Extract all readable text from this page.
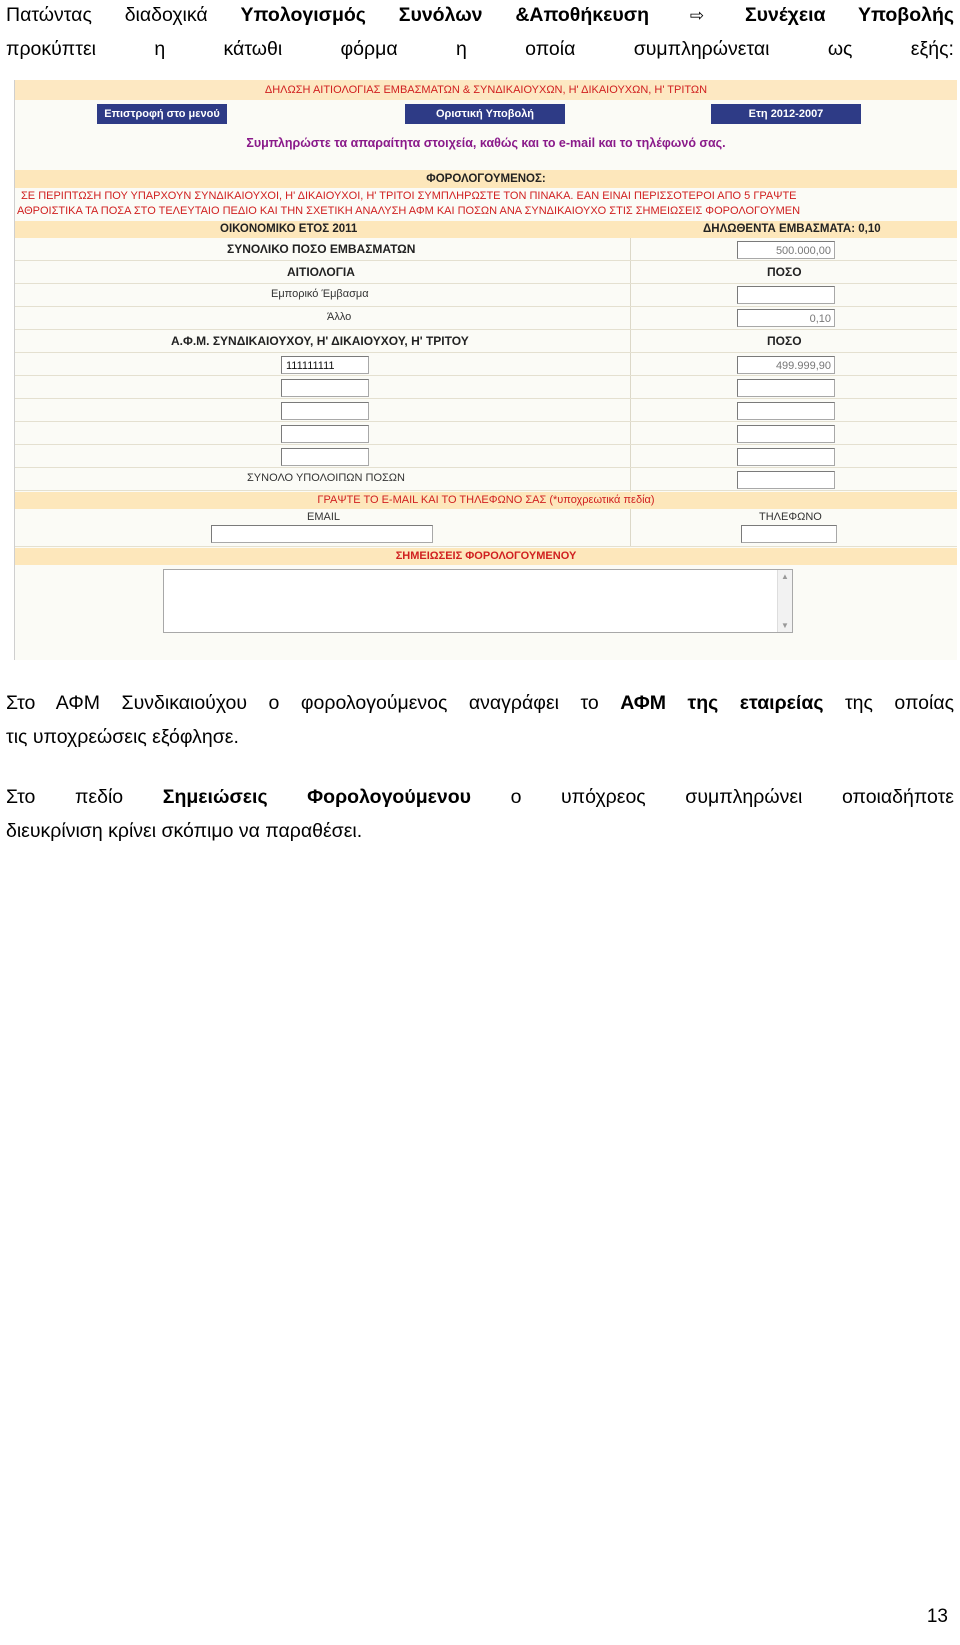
Πατώντας διαδοχικά Υπολογισμός Συνόλων &Αποθήκευση ⇨ Συνέχεια Υποβολής
προκύπτει	η	κάτωθι	φόρμα	η	οποία	συμπληρώνεται	ως	εξής:
ΔΗΛΩΣΗ ΑΙΤΙΟΛΟΓΙΑΣ ΕΜΒΑΣΜΑΤΩΝ & ΣΥΝΔΙΚΑΙΟΥΧΩΝ, Η' ΔΙΚΑΙΟΥΧΩΝ, Η' ΤΡΙΤΩΝ
Επιστροφή στο μενού	Οριστική Υποβολή	Ετη 2012-2007
Συμπληρώστε τα απαραίτητα στοιχεία, καθώς και το e-mail και το τηλέφωνό σας.
ΦΟΡΟΛΟΓΟΥΜΕΝΟΣ:
ΣΕ ΠΕΡΙΠΤΩΣΗ ΠΟΥ ΥΠΑΡΧΟΥΝ ΣΥΝΔΙΚΑΙΟΥΧΟΙ, Η' ΔΙΚΑΙΟΥΧΟΙ, Η' ΤΡΙΤΟΙ ΣΥΜΠΛΗΡΩΣΤΕ ΤΟΝ ΠΙΝΑΚΑ. ΕΑΝ ΕΙΝΑΙ ΠΕΡΙΣΣΟΤΕΡΟΙ ΑΠΟ 5 ΓΡΑΨΤΕ
ΑΘΡΟΙΣΤΙΚΑ ΤΑ ΠΟΣΑ ΣΤΟ ΤΕΛΕΥΤΑΙΟ ΠΕΔΙΟ ΚΑΙ ΤΗΝ ΣΧΕΤΙΚΗ ΑΝΑΛΥΣΗ ΑΦΜ ΚΑΙ ΠΟΣΩΝ ΑΝΑ ΣΥΝΔΙΚΑΙΟΥΧΟ ΣΤΙΣ ΣΗΜΕΙΩΣΕΙΣ ΦΟΡΟΛΟΓΟΥΜΕΝ
ΟΙΚΟΝΟΜΙΚΟ ΕΤΟΣ 2011	ΔΗΛΩΘΕΝΤΑ ΕΜΒΑΣΜΑΤΑ: 0,10
ΣΥΝΟΛΙΚΟ ΠΟΣΟ ΕΜΒΑΣΜΑΤΩΝ	500.000,00
ΑΙΤΙΟΛΟΓΙΑ	ΠΟΣΟ
Εμπορικό Έμβασμα
Άλλο	0,10
Α.Φ.Μ. ΣΥΝΔΙΚΑΙΟΥΧΟΥ, Η' ΔΙΚΑΙΟΥΧΟΥ, Η' ΤΡΙΤΟΥ	ΠΟΣΟ
111111111	499.999,90
ΣΥΝΟΛΟ ΥΠΟΛΟΙΠΩΝ ΠΟΣΩΝ
ΓΡΑΨΤΕ ΤΟ E-MAIL ΚΑΙ ΤΟ ΤΗΛΕΦΩΝΟ ΣΑΣ (*υποχρεωτικά πεδία)
EMAIL	ΤΗΛΕΦΩΝΟ
ΣΗΜΕΙΩΣΕΙΣ ΦΟΡΟΛΟΓΟΥΜΕΝΟΥ
▲
▼
Στο ΑΦΜ Συνδικαιούχου ο φορολογούμενος αναγράφει το ΑΦΜ της εταιρείας της οποίας
τις υποχρεώσεις εξόφλησε.
Στο πεδίο Σημειώσεις Φορολογούμενου ο υπόχρεος συμπληρώνει οποιαδήποτε
διευκρίνιση κρίνει σκόπιμο να παραθέσει.
13
